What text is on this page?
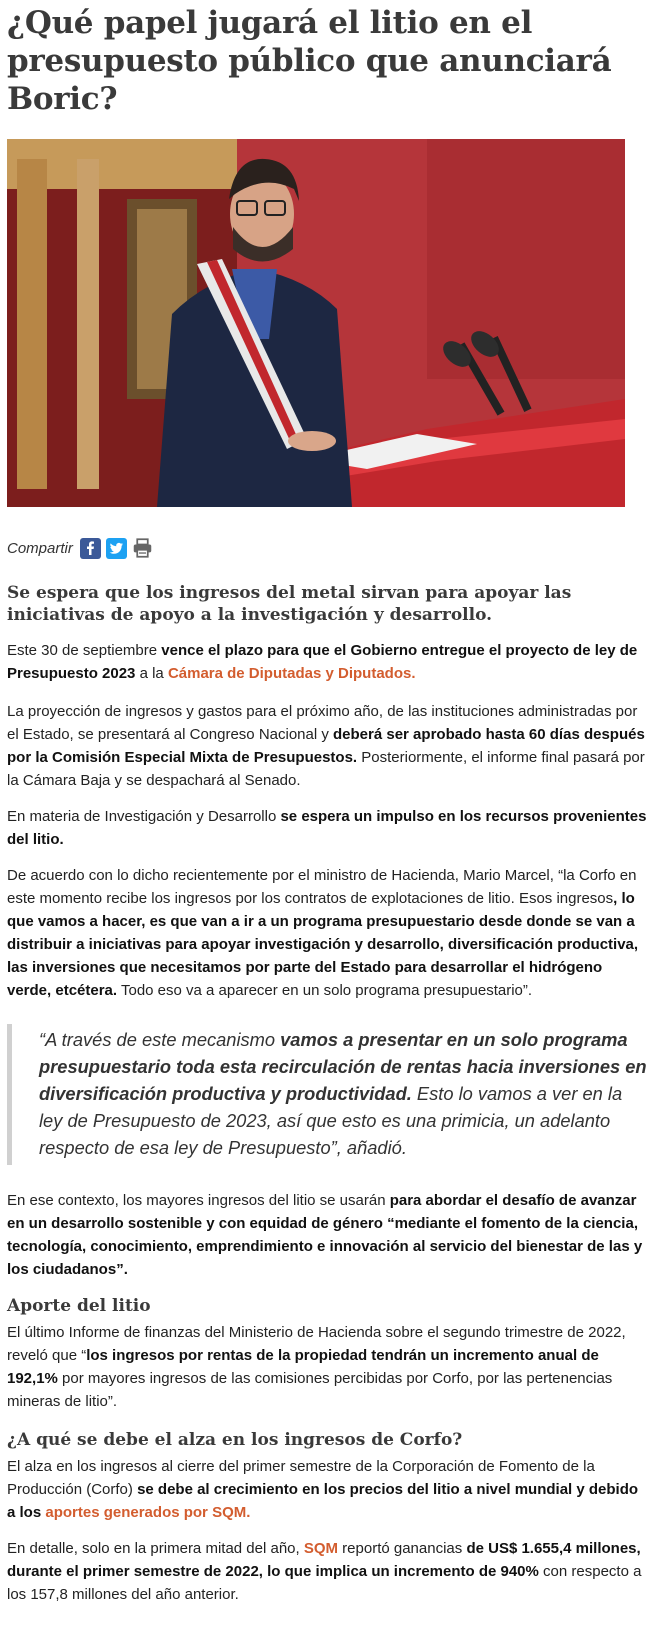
¿Qué papel jugará el litio en el presupuesto público que anunciará Boric?
Compartir
Se espera que los ingresos del metal sirvan para apoyar las iniciativas de apoyo a la investigación y desarrollo.

Este 30 de septiembre vence el plazo para que el Gobierno entregue el proyecto de ley de Presupuesto 2023 a la Cámara de Diputadas y Diputados.

La proyección de ingresos y gastos para el próximo año, de las instituciones administradas por el Estado, se presentará al Congreso Nacional y deberá ser aprobado hasta 60 días después por la Comisión Especial Mixta de Presupuestos. Posteriormente, el informe final pasará por la Cámara Baja y se despachará al Senado.

En materia de Investigación y Desarrollo se espera un impulso en los recursos provenientes del litio.

De acuerdo con lo dicho recientemente por el ministro de Hacienda, Mario Marcel, “la Corfo en este momento recibe los ingresos por los contratos de explotaciones de litio. Esos ingresos, lo que vamos a hacer, es que van a ir a un programa presupuestario desde donde se van a distribuir a iniciativas para apoyar investigación y desarrollo, diversificación productiva, las inversiones que necesitamos por parte del Estado para desarrollar el hidrógeno verde, etcétera. Todo eso va a aparecer en un solo programa presupuestario”.

“A través de este mecanismo vamos a presentar en un solo programa presupuestario toda esta recirculación de rentas hacia inversiones en diversificación productiva y productividad. Esto lo vamos a ver en la ley de Presupuesto de 2023, así que esto es una primicia, un adelanto respecto de esa ley de Presupuesto”, añadió.

En ese contexto, los mayores ingresos del litio se usarán para abordar el desafío de avanzar en un desarrollo sostenible y con equidad de género “mediante el fomento de la ciencia, tecnología, conocimiento, emprendimiento e innovación al servicio del bienestar de las y los ciudadanos”.

Aporte del litio

El último Informe de finanzas del Ministerio de Hacienda sobre el segundo trimestre de 2022, reveló que “los ingresos por rentas de la propiedad tendrán un incremento anual de 192,1% por mayores ingresos de las comisiones percibidas por Corfo, por las pertenencias mineras de litio”.

¿A qué se debe el alza en los ingresos de Corfo?

El alza en los ingresos al cierre del primer semestre de la Corporación de Fomento de la Producción (Corfo) se debe al crecimiento en los precios del litio a nivel mundial y debido a los aportes generados por SQM.

En detalle, solo en la primera mitad del año, SQM reportó ganancias de US$ 1.655,4 millones, durante el primer semestre de 2022, lo que implica un incremento de 940% con respecto a los 157,8 millones del año anterior.
